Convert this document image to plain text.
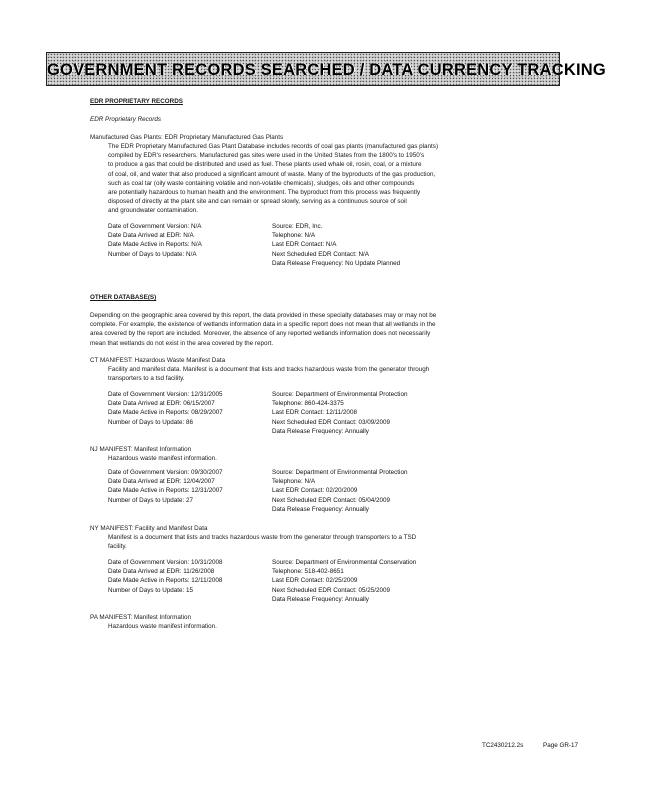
GOVERNMENT RECORDS SEARCHED / DATA CURRENCY TRACKING
EDR PROPRIETARY RECORDS
EDR Proprietary Records
Manufactured Gas Plants: EDR Proprietary Manufactured Gas Plants
The EDR Proprietary Manufactured Gas Plant Database includes records of coal gas plants (manufactured gas plants)
compiled by EDR's researchers. Manufactured gas sites were used in the United States from the 1800's to 1950's
to produce a gas that could be distributed and used as fuel. These plants used whale oil, rosin, coal, or a mixture
of coal, oil, and water that also produced a significant amount of waste. Many of the byproducts of the gas production,
such as coal tar (oily waste containing volatile and non-volatile chemicals), sludges, oils and other compounds
are potentially hazardous to human health and the environment. The byproduct from this process was frequently
disposed of directly at the plant site and can remain or spread slowly, serving as a continuous source of soil
and groundwater contamination.
Date of Government Version: N/A
Date Data Arrived at EDR: N/A
Date Made Active in Reports: N/A
Number of Days to Update: N/A
Source: EDR, Inc.
Telephone: N/A
Last EDR Contact: N/A
Next Scheduled EDR Contact: N/A
Data Release Frequency: No Update Planned
OTHER DATABASE(S)
Depending on the geographic area covered by this report, the data provided in these specialty databases may or may not be
complete. For example, the existence of wetlands information data in a specific report does not mean that all wetlands in the
area covered by the report are included. Moreover, the absence of any reported wetlands information does not necessarily
mean that wetlands do not exist in the area covered by the report.
CT MANIFEST: Hazardous Waste Manifest Data
Facility and manifest data. Manifest is a document that lists and tracks hazardous waste from the generator through
transporters to a tsd facility.
Date of Government Version: 12/31/2005
Date Data Arrived at EDR: 06/15/2007
Date Made Active in Reports: 08/29/2007
Number of Days to Update: 86
Source: Department of Environmental Protection
Telephone: 860-424-3375
Last EDR Contact: 12/11/2008
Next Scheduled EDR Contact: 03/09/2009
Data Release Frequency: Annually
NJ MANIFEST: Manifest Information
Hazardous waste manifest information.
Date of Government Version: 09/30/2007
Date Data Arrived at EDR: 12/04/2007
Date Made Active in Reports: 12/31/2007
Number of Days to Update: 27
Source: Department of Environmental Protection
Telephone: N/A
Last EDR Contact: 02/20/2009
Next Scheduled EDR Contact: 05/04/2009
Data Release Frequency: Annually
NY MANIFEST: Facility and Manifest Data
Manifest is a document that lists and tracks hazardous waste from the generator through transporters to a TSD
facility.
Date of Government Version: 10/31/2008
Date Data Arrived at EDR: 11/26/2008
Date Made Active in Reports: 12/11/2008
Number of Days to Update: 15
Source: Department of Environmental Conservation
Telephone: 518-402-8651
Last EDR Contact: 02/25/2009
Next Scheduled EDR Contact: 05/25/2009
Data Release Frequency: Annually
PA MANIFEST: Manifest Information
Hazardous waste manifest information.
TC2430212.2s	Page GR-17
